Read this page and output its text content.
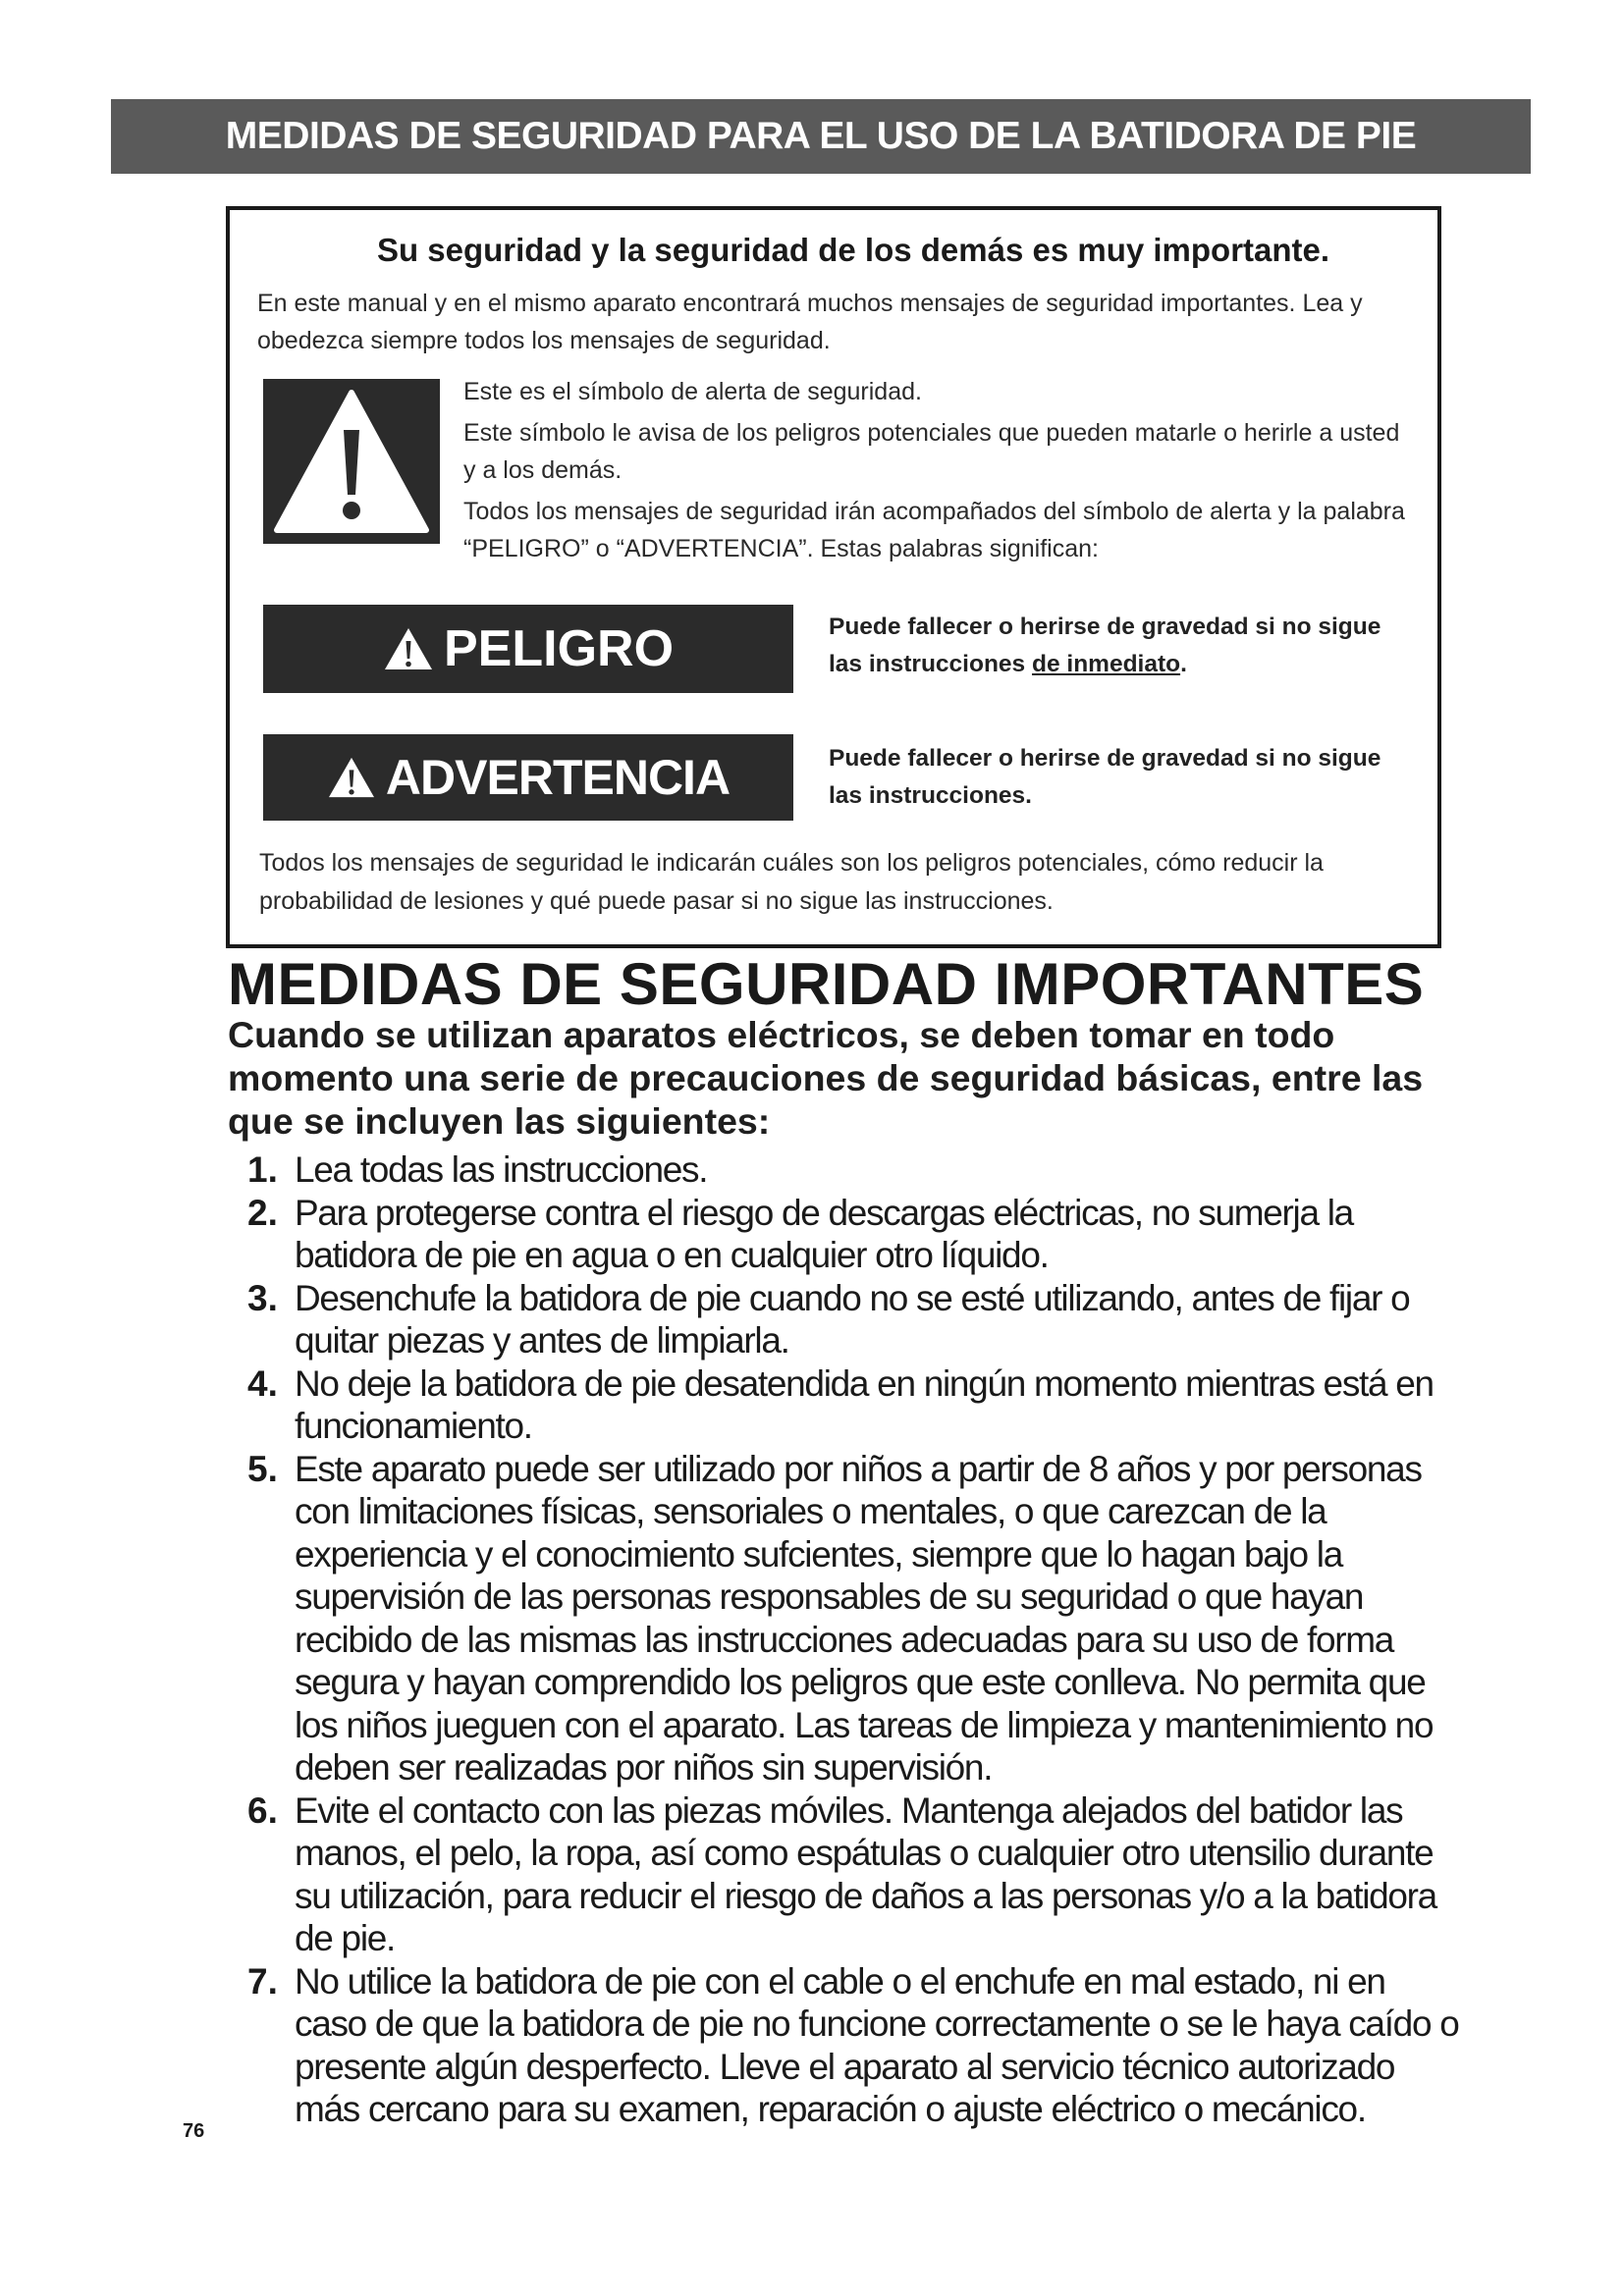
MEDIDAS DE SEGURIDAD PARA EL USO DE LA BATIDORA DE PIE
Su seguridad y la seguridad de los demás es muy importante.
En este manual y en el mismo aparato encontrará muchos mensajes de seguridad importantes. Lea y obedezca siempre todos los mensajes de seguridad.

Este es el símbolo de alerta de seguridad.

Este símbolo le avisa de los peligros potenciales que pueden matarle o herirle a usted y a los demás.

Todos los mensajes de seguridad irán acompañados del símbolo de alerta y la palabra “PELIGRO” o “ADVERTENCIA”. Estas palabras significan:

PELIGRO	Puede fallecer o herirse de gravedad si no sigue las instrucciones de inmediato.
ADVERTENCIA	Puede fallecer o herirse de gravedad si no sigue las instrucciones.
Todos los mensajes de seguridad le indicarán cuáles son los peligros potenciales, cómo reducir la probabilidad de lesiones y qué puede pasar si no sigue las instrucciones.
MEDIDAS DE SEGURIDAD IMPORTANTES
Cuando se utilizan aparatos eléctricos, se deben tomar en todo momento una serie de precauciones de seguridad básicas, entre las que se incluyen las siguientes:
1. Lea todas las instrucciones.
2. Para protegerse contra el riesgo de descargas eléctricas, no sumerja la batidora de pie en agua o en cualquier otro líquido.
3. Desenchufe la batidora de pie cuando no se esté utilizando, antes de fijar o quitar piezas y antes de limpiarla.
4. No deje la batidora de pie desatendida en ningún momento mientras está en funcionamiento.
5. Este aparato puede ser utilizado por niños a partir de 8 años y por personas con limitaciones físicas, sensoriales o mentales, o que carezcan de la experiencia y el conocimiento sufcientes, siempre que lo hagan bajo la supervisión de las personas responsables de su seguridad o que hayan recibido de las mismas las instrucciones adecuadas para su uso de forma segura y hayan comprendido los peligros que este conlleva. No permita que los niños jueguen con el aparato. Las tareas de limpieza y mantenimiento no deben ser realizadas por niños sin supervisión.
6. Evite el contacto con las piezas móviles. Mantenga alejados del batidor las manos, el pelo, la ropa, así como espátulas o cualquier otro utensilio durante su utilización, para reducir el riesgo de daños a las personas y/o a la batidora de pie.
7. No utilice la batidora de pie con el cable o el enchufe en mal estado, ni en caso de que la batidora de pie no funcione correctamente o se le haya caído o presente algún desperfecto. Lleve el aparato al servicio técnico autorizado más cercano para su examen, reparación o ajuste eléctrico o mecánico.
76
